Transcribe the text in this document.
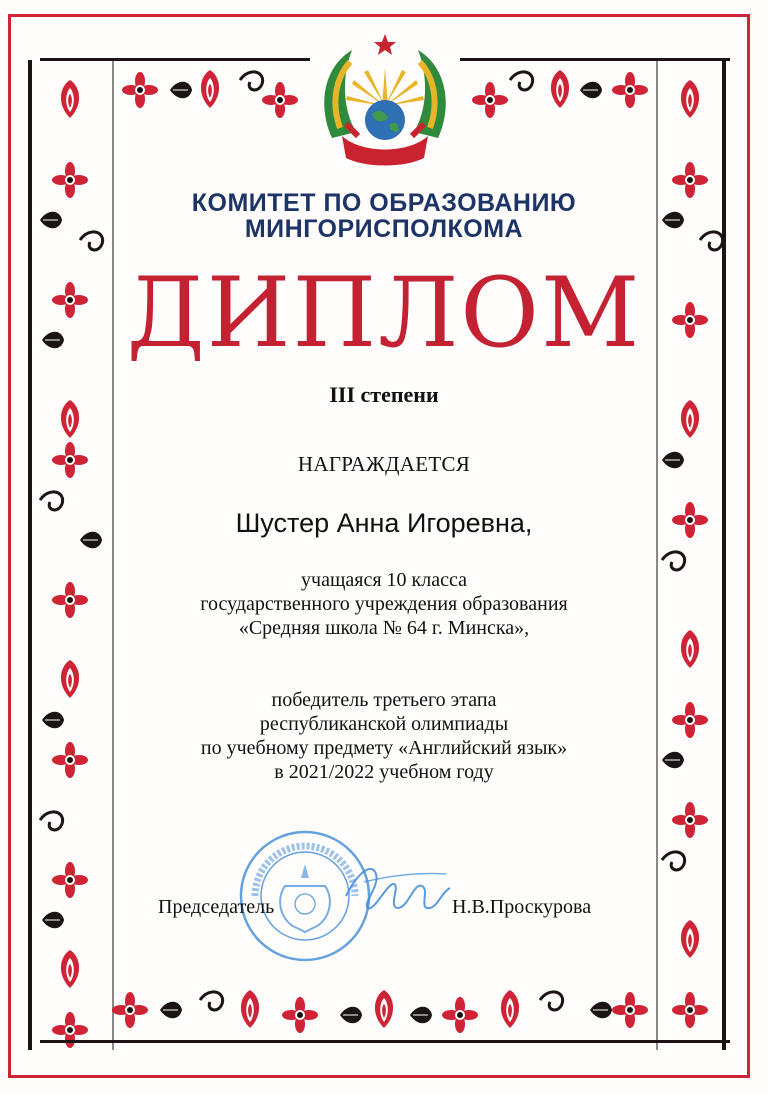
КОМИТЕТ ПО ОБРАЗОВАНИЮ
МИНГОРИСПОЛКОМА
ДИПЛОМ
III степени
НАГРАЖДАЕТСЯ
Шустер Анна Игоревна,
учащаяся 10 класса
государственного учреждения образования
«Средняя школа № 64 г. Минска»,
победитель третьего этапа
республиканской олимпиады
по учебному предмету «Английский язык»
в 2021/2022 учебном году
Председатель	Н.В.Проскурова
